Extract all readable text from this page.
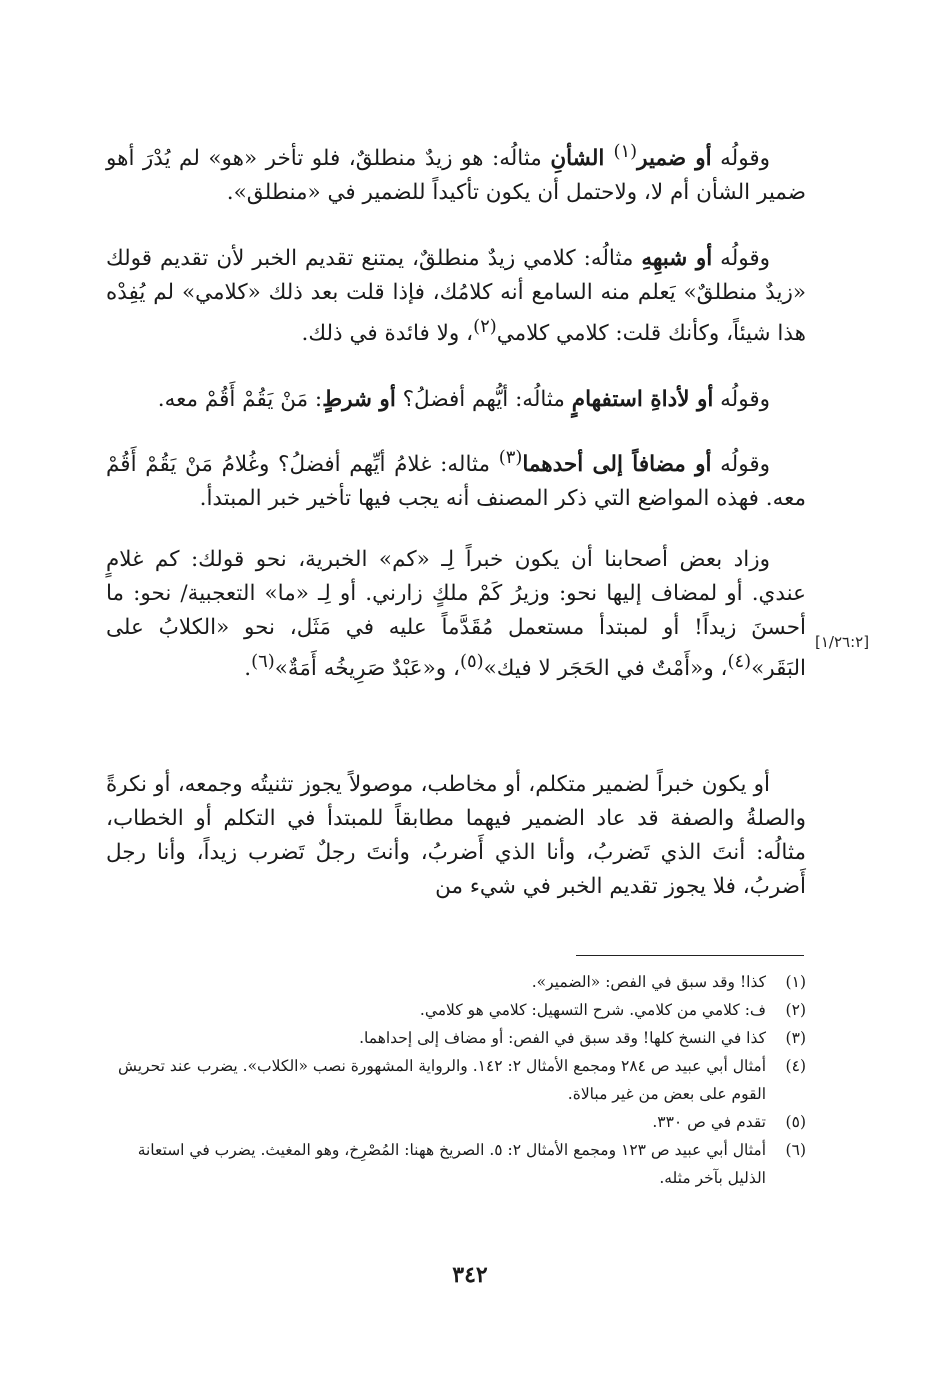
وقولُه أو ضمير$^{(١)}$ الشأنِ مثالُه: هو زيدٌ منطلقٌ، فلو تأخر «هو» لم يُدْرَ أهو ضمير الشأن أم لا، ولاحتمل أن يكون تأكيداً للضمير في «منطلق».

وقولُه أو شبهِهِ مثالُه: كلامي زيدٌ منطلقٌ، يمتنع تقديم الخبر لأن تقديم قولك «زيدٌ منطلقٌ» يَعلم منه السامع أنه كلامُك، فإذا قلت بعد ذلك «كلامي» لم يُفِدْه هذا شيئاً، وكأنك قلت: كلامي كلامي$^{(٢)}$، ولا فائدة في ذلك.

وقولُه أو لأداةِ استفهامٍ مثالُه: أيُّهم أفضلُ؟ أو شرطٍ: مَنْ يَقُمْ أَقُمْ معه.

وقولُه أو مضافاً إلى أحدهما$^{(٣)}$ مثاله: غلامُ أيِّهم أفضلُ؟ وغُلامُ مَنْ يَقُمْ أَقُمْ معه. فهذه المواضع التي ذكر المصنف أنه يجب فيها تأخير خبر المبتدأ.

وزاد بعض أصحابنا أن يكون خبراً لِـ «كم» الخبرية، نحو قولك: كم غلامٍ عندي. أو لمضاف إليها نحو: وزيرُ كَمْ ملكٍ زارني. أو لِـ «ما» التعجبية/ نحو: ما أحسنَ زيداً! أو لمبتدأ مستعمل مُقَدَّماً عليه في مَثَل، نحو «الكلابُ على البَقَر»$^{(٤)}$، و«أَمْتٌ في الحَجَر لا فيك»$^{(٥)}$، و«عَبْدٌ صَرِيخُه أَمَةٌ»$^{(٦)}$.

[١/٢٦:٢]

أو يكون خبراً لضمير متكلم، أو مخاطب، موصولاً يجوز تثنيتُه وجمعه، أو نكرةً والصلةُ والصفة قد عاد الضمير فيهما مطابقاً للمبتدأ في التكلم أو الخطاب، مثالُه: أنتَ الذي تَضربُ، وأنا الذي أَضربُ، وأنتَ رجلٌ تَضرب زيداً، وأنا رجل أَضربُ، فلا يجوز تقديم الخبر في شيء من

(١)
كذا! وقد سبق في الفص: «الضمير».
(٢)
ف: كلامي من كلامي. شرح التسهيل: كلامي هو كلامي.
(٣)
كذا في النسخ كلها! وقد سبق في الفص: أو مضاف إلى إحداهما.
(٤)
أمثال أبي عبيد ص ٢٨٤ ومجمع الأمثال ٢: ١٤٢. والرواية المشهورة نصب «الكلاب». يضرب عند تحريش القوم على بعض من غير مبالاة.
(٥)
تقدم في ص ٣٣٠.
(٦)
أمثال أبي عبيد ص ١٢٣ ومجمع الأمثال ٢: ٥. الصريخ ههنا: المُصْرِخ، وهو المغيث. يضرب في استعانة الذليل بآخر مثله.
٣٤٢
